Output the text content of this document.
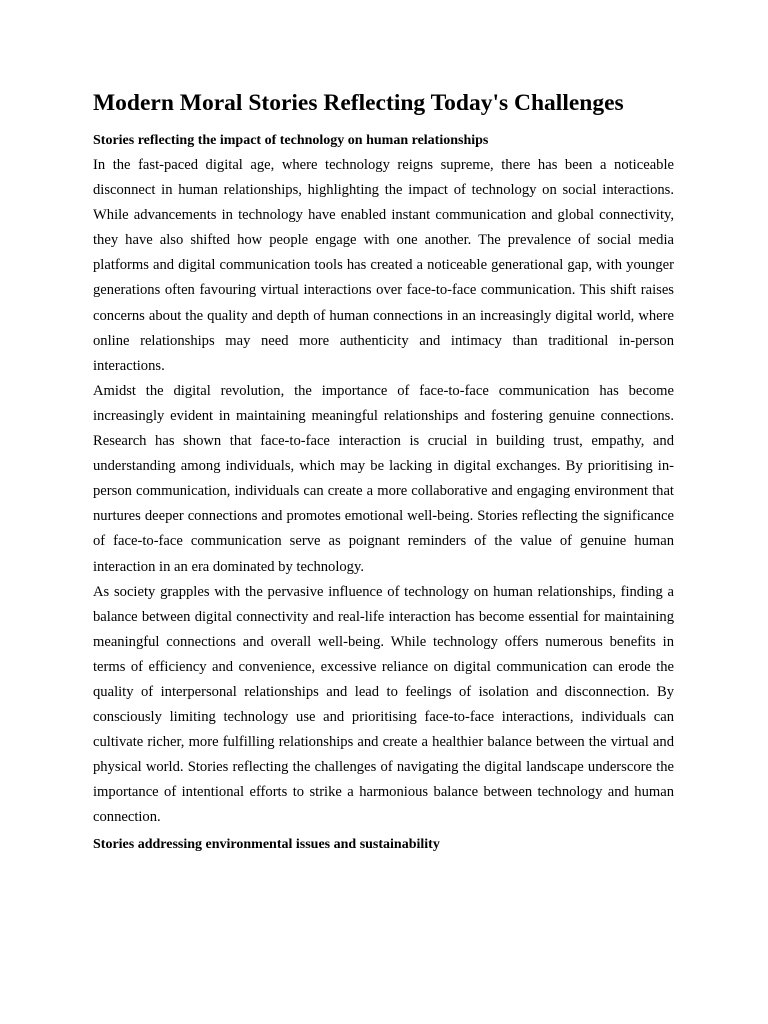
Modern Moral Stories Reflecting Today's Challenges
Stories reflecting the impact of technology on human relationships

In the fast-paced digital age, where technology reigns supreme, there has been a noticeable disconnect in human relationships, highlighting the impact of technology on social interactions. While advancements in technology have enabled instant communication and global connectivity, they have also shifted how people engage with one another. The prevalence of social media platforms and digital communication tools has created a noticeable generational gap, with younger generations often favouring virtual interactions over face-to-face communication. This shift raises concerns about the quality and depth of human connections in an increasingly digital world, where online relationships may need more authenticity and intimacy than traditional in-person interactions.

Amidst the digital revolution, the importance of face-to-face communication has become increasingly evident in maintaining meaningful relationships and fostering genuine connections. Research has shown that face-to-face interaction is crucial in building trust, empathy, and understanding among individuals, which may be lacking in digital exchanges. By prioritising in-person communication, individuals can create a more collaborative and engaging environment that nurtures deeper connections and promotes emotional well-being. Stories reflecting the significance of face-to-face communication serve as poignant reminders of the value of genuine human interaction in an era dominated by technology.

As society grapples with the pervasive influence of technology on human relationships, finding a balance between digital connectivity and real-life interaction has become essential for maintaining meaningful connections and overall well-being. While technology offers numerous benefits in terms of efficiency and convenience, excessive reliance on digital communication can erode the quality of interpersonal relationships and lead to feelings of isolation and disconnection. By consciously limiting technology use and prioritising face-to-face interactions, individuals can cultivate richer, more fulfilling relationships and create a healthier balance between the virtual and physical world. Stories reflecting the challenges of navigating the digital landscape underscore the importance of intentional efforts to strike a harmonious balance between technology and human connection.

Stories addressing environmental issues and sustainability
